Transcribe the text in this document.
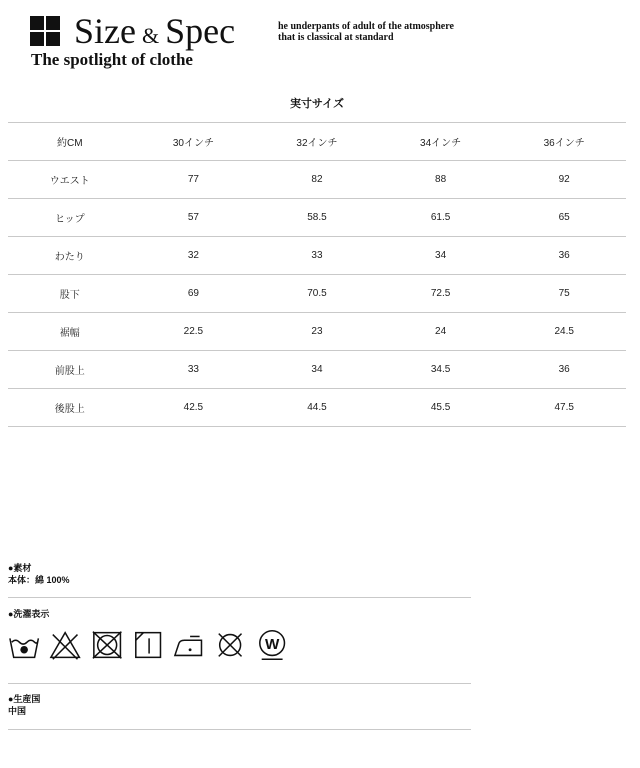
Size & Spec	he underpants of adult of the atmosphere
that is classical at standard
The spotlight of clothe
実寸サイズ
約CM	30インチ	32インチ	34インチ	36インチ
ウエスト	77	82	88	92
ヒップ	57	58.5	61.5	65
わたり	32	33	34	36
股下	69	70.5	72.5	75
裾幅	22.5	23	24	24.5
前股上	33	34	34.5	36
後股上	42.5	44.5	45.5	47.5
●素材
本体：綿 100%
●洗濯表示
W
●生産国
中国
